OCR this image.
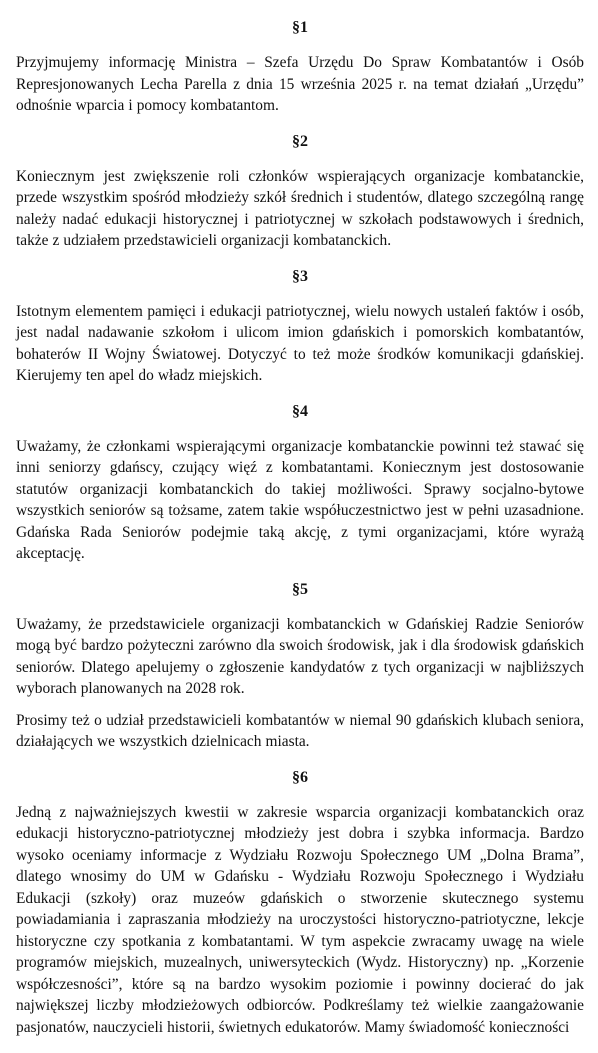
§1

Przyjmujemy informację Ministra – Szefa Urzędu Do Spraw Kombatantów i Osób Represjonowanych Lecha Parella z dnia 15 września 2025 r. na temat działań „Urzędu” odnośnie wparcia i pomocy kombatantom.

§2

Koniecznym jest zwiększenie roli członków wspierających organizacje kombatanckie, przede wszystkim spośród młodzieży szkół średnich i studentów, dlatego szczególną rangę należy nadać edukacji historycznej i patriotycznej w szkołach podstawowych i średnich, także z udziałem przedstawicieli organizacji kombatanckich.

§3

Istotnym elementem pamięci i edukacji patriotycznej, wielu nowych ustaleń faktów i osób, jest nadal nadawanie szkołom i ulicom imion gdańskich i pomorskich kombatantów, bohaterów II Wojny Światowej. Dotyczyć to też może środków komunikacji gdańskiej. Kierujemy ten apel do władz miejskich.

§4

Uważamy, że członkami wspierającymi organizacje kombatanckie powinni też stawać się inni seniorzy gdańscy, czujący więź z kombatantami. Koniecznym jest dostosowanie statutów organizacji kombatanckich do takiej możliwości. Sprawy socjalno-bytowe wszystkich seniorów są tożsame, zatem takie współuczestnictwo jest w pełni uzasadnione. Gdańska Rada Seniorów podejmie taką akcję, z tymi organizacjami, które wyrażą akceptację.

§5

Uważamy, że przedstawiciele organizacji kombatanckich w Gdańskiej Radzie Seniorów mogą być bardzo pożyteczni zarówno dla swoich środowisk, jak i dla środowisk gdańskich seniorów. Dlatego apelujemy o zgłoszenie kandydatów z tych organizacji w najbliższych wyborach planowanych na 2028 rok.

Prosimy też o udział przedstawicieli kombatantów w niemal 90 gdańskich klubach seniora, działających we wszystkich dzielnicach miasta.

§6

Jedną z najważniejszych kwestii w zakresie wsparcia organizacji kombatanckich oraz edukacji historyczno-patriotycznej młodzieży jest dobra i szybka informacja. Bardzo wysoko oceniamy informacje z Wydziału Rozwoju Społecznego UM „Dolna Brama”, dlatego wnosimy do UM w Gdańsku - Wydziału Rozwoju Społecznego i Wydziału Edukacji (szkoły) oraz muzeów gdańskich o stworzenie skutecznego systemu powiadamiania i zapraszania młodzieży na uroczystości historyczno-patriotyczne, lekcje historyczne czy spotkania z kombatantami. W tym aspekcie zwracamy uwagę na wiele programów miejskich, muzealnych, uniwersyteckich (Wydz. Historyczny) np. „Korzenie współczesności”, które są na bardzo wysokim poziomie i powinny docierać do jak największej liczby młodzieżowych odbiorców. Podkreślamy też wielkie zaangażowanie pasjonatów, nauczycieli historii, świetnych edukatorów. Mamy świadomość konieczności
